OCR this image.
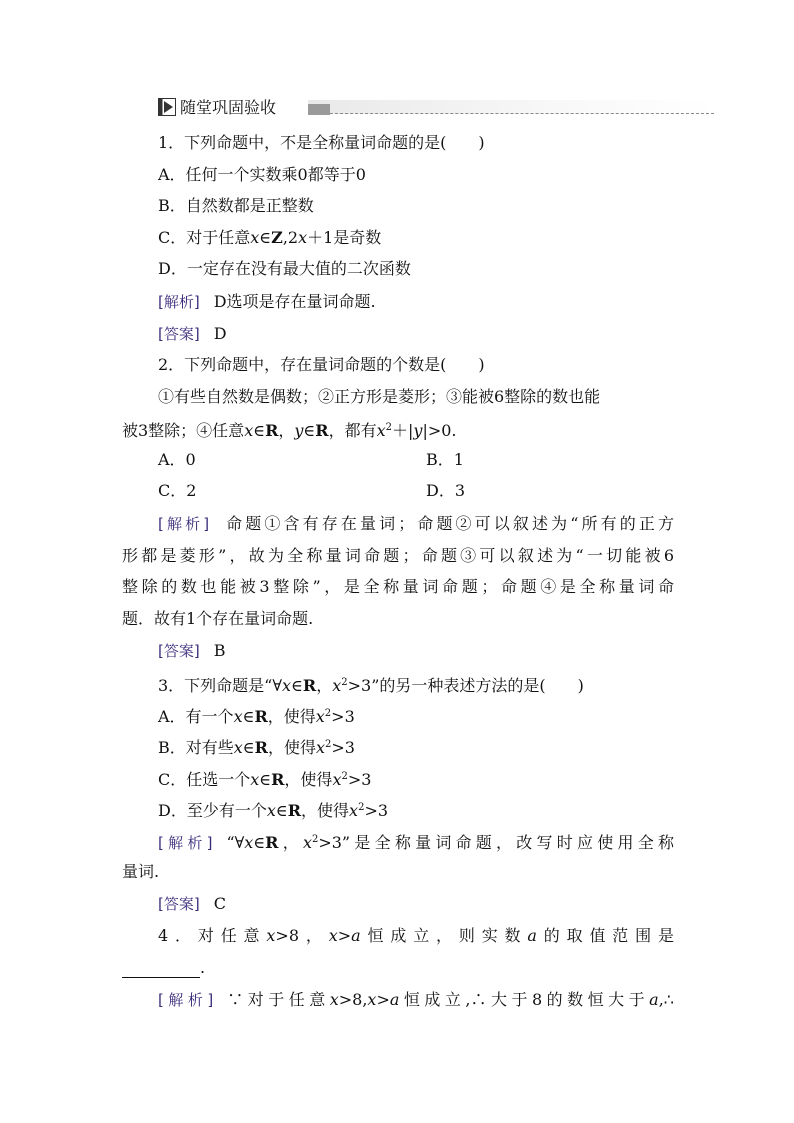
随堂巩固验收
1．下列命题中，不是全称量词命题的是(　　)
A．任何一个实数乘0都等于0
B．自然数都是正整数
C．对于任意x∈Z,2x＋1是奇数
D．一定存在没有最大值的二次函数
[解析] D选项是存在量词命题.
[答案] D
2．下列命题中，存在量词命题的个数是(　　)
①有些自然数是偶数；②正方形是菱形；③能被6整除的数也能
被3整除；④任意x∈R，y∈R，都有$x^2+|y|>0$.
A．0	B．1
C．2	D．3
[解析] 命题①含有存在量词；命题②可以叙述为“所有的正方
形都是菱形”，故为全称量词命题；命题③可以叙述为“一切能被6
整除的数也能被3整除”，是全称量词命题；命题④是全称量词命
题．故有1个存在量词命题.
[答案] B
3．下列命题是“∀x∈R，$x^2>3$”的另一种表述方法的是(　　)
A．有一个x∈R，使得$x^2>3$
B．对有些x∈R，使得$x^2>3$
C．任选一个x∈R，使得$x^2>3$
D．至少有一个x∈R，使得$x^2>3$
[解析] “∀x∈R，$x^2>3$”是全称量词命题，改写时应使用全称
量词.
[答案] C
4．对任意x>8，x>a恒成立，则实数a的取值范围是
.
[解析] ∵对于任意x>8,x>a恒成立,∴大于8的数恒大于a,∴
